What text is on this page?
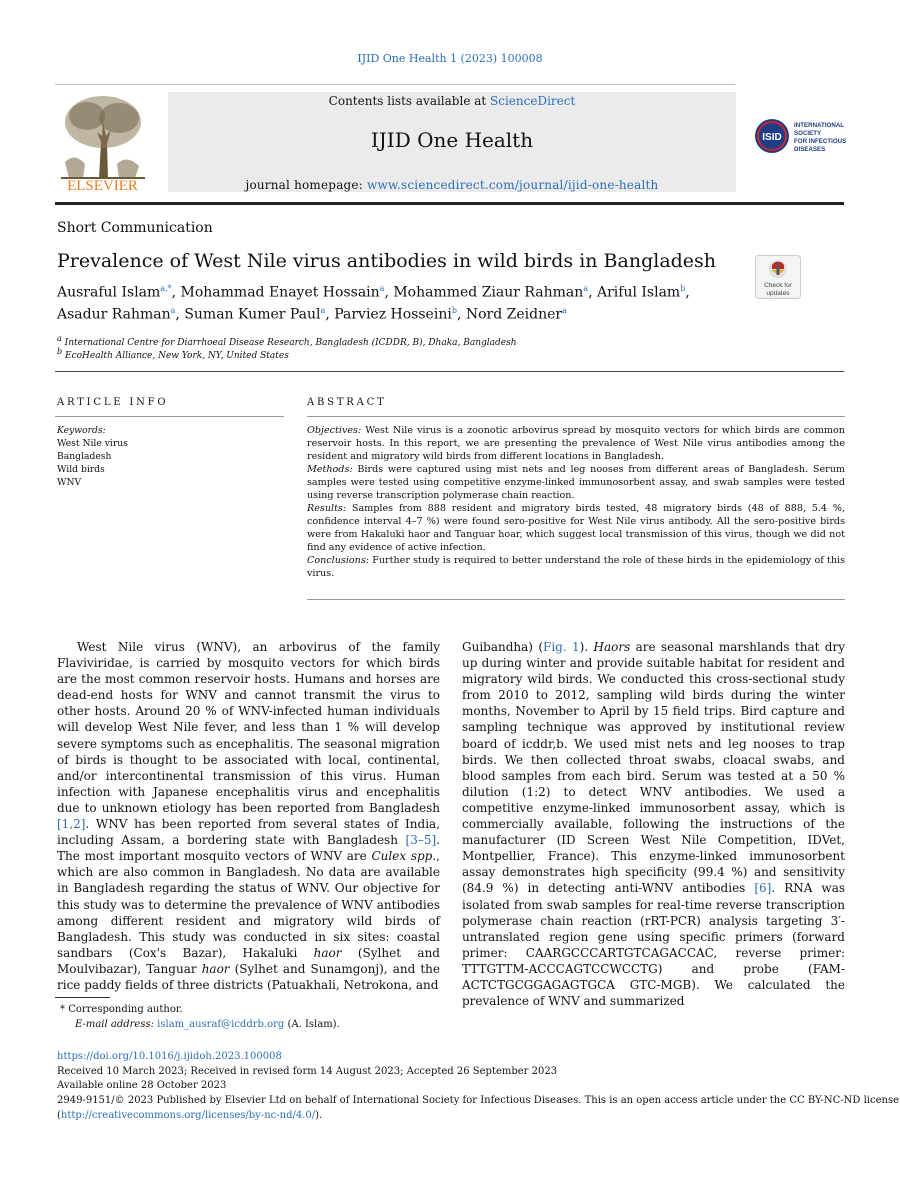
IJID One Health 1 (2023) 100008
ELSEVIER
Contents lists available at ScienceDirect
IJID One Health
journal homepage: www.sciencedirect.com/journal/ijid-one-health
ISID
INTERNATIONAL
SOCIETY
FOR INFECTIOUS
DISEASES
Short Communication
Prevalence of West Nile virus antibodies in wild birds in Bangladesh
Check for
updates
Ausraful Islam$^{a,*}$, Mohammad Enayet Hossain$^a$, Mohammed Ziaur Rahman$^a$, Ariful Islam$^b$,
Asadur Rahman$^a$, Suman Kumer Paul$^a$, Parviez Hosseini$^b$, Nord Zeidner$^a$
$^a$ International Centre for Diarrhoeal Disease Research, Bangladesh (ICDDR, B), Dhaka, Bangladesh
$^b$ EcoHealth Alliance, New York, NY, United States
ARTICLE INFO
Keywords:
West Nile virus
Bangladesh
Wild birds
WNV
ABSTRACT

Objectives: West Nile virus is a zoonotic arbovirus spread by mosquito vectors for which birds are common reservoir hosts. In this report, we are presenting the prevalence of West Nile virus antibodies among the resident and migratory wild birds from different locations in Bangladesh.

Methods: Birds were captured using mist nets and leg nooses from different areas of Bangladesh. Serum samples were tested using competitive enzyme-linked immunosorbent assay, and swab samples were tested using reverse transcription polymerase chain reaction.

Results: Samples from 888 resident and migratory birds tested, 48 migratory birds (48 of 888, 5.4 %, confidence interval 4–7 %) were found sero-positive for West Nile virus antibody. All the sero-positive birds were from Hakaluki haor and Tanguar hoar, which suggest local transmission of this virus, though we did not find any evidence of active infection.

Conclusions: Further study is required to better understand the role of these birds in the epidemiology of this virus.

West Nile virus (WNV), an arbovirus of the family Flaviviridae, is carried by mosquito vectors for which birds are the most common reservoir hosts. Humans and horses are dead-end hosts for WNV and cannot transmit the virus to other hosts. Around 20 % of WNV-infected human individuals will develop West Nile fever, and less than 1 % will develop severe symptoms such as encephalitis. The seasonal migration of birds is thought to be associated with local, continental, and/or intercontinental transmission of this virus. Human infection with Japanese encephalitis virus and encephalitis due to unknown etiology has been reported from Bangladesh [1,2]. WNV has been reported from several states of India, including Assam, a bordering state with Bangladesh [3–5]. The most important mosquito vectors of WNV are Culex spp., which are also common in Bangladesh. No data are available in Bangladesh regarding the status of WNV. Our objective for this study was to determine the prevalence of WNV antibodies among different resident and migratory wild birds of Bangladesh. This study was conducted in six sites: coastal sandbars (Cox's Bazar), Hakaluki haor (Sylhet and Moulvibazar), Tanguar haor (Sylhet and Sunamgonj), and the rice paddy fields of three districts (Patuakhali, Netrokona, and

Guibandha) (Fig. 1). Haors are seasonal marshlands that dry up during winter and provide suitable habitat for resident and migratory wild birds. We conducted this cross-sectional study from 2010 to 2012, sampling wild birds during the winter months, November to April by 15 field trips. Bird capture and sampling technique was approved by institutional review board of icddr,b. We used mist nets and leg nooses to trap birds. We then collected throat swabs, cloacal swabs, and blood samples from each bird. Serum was tested at a 50 % dilution (1:2) to detect WNV antibodies. We used a competitive enzyme-linked immunosorbent assay, which is commercially available, following the instructions of the manufacturer (ID Screen West Nile Competition, IDVet, Montpellier, France). This enzyme-linked immunosorbent assay demonstrates high specificity (99.4 %) and sensitivity (84.9 %) in detecting anti-WNV antibodies [6]. RNA was isolated from swab samples for real-time reverse transcription polymerase chain reaction (rRT-PCR) analysis targeting 3′-untranslated region gene using specific primers (forward primer: CAARGCCCARTGTCAGACCAC, reverse primer: TTTGTTM-ACCCAGTCCWCCTG) and probe (FAM-ACTCTGCGGAGAGTGCA GTC-MGB). We calculated the prevalence of WNV and summarized

* Corresponding author.
E-mail address: islam_ausraf@icddrb.org (A. Islam).
https://doi.org/10.1016/j.ijidoh.2023.100008
Received 10 March 2023; Received in revised form 14 August 2023; Accepted 26 September 2023
Available online 28 October 2023
2949-9151/© 2023 Published by Elsevier Ltd on behalf of International Society for Infectious Diseases. This is an open access article under the CC BY-NC-ND license
(http://creativecommons.org/licenses/by-nc-nd/4.0/).
